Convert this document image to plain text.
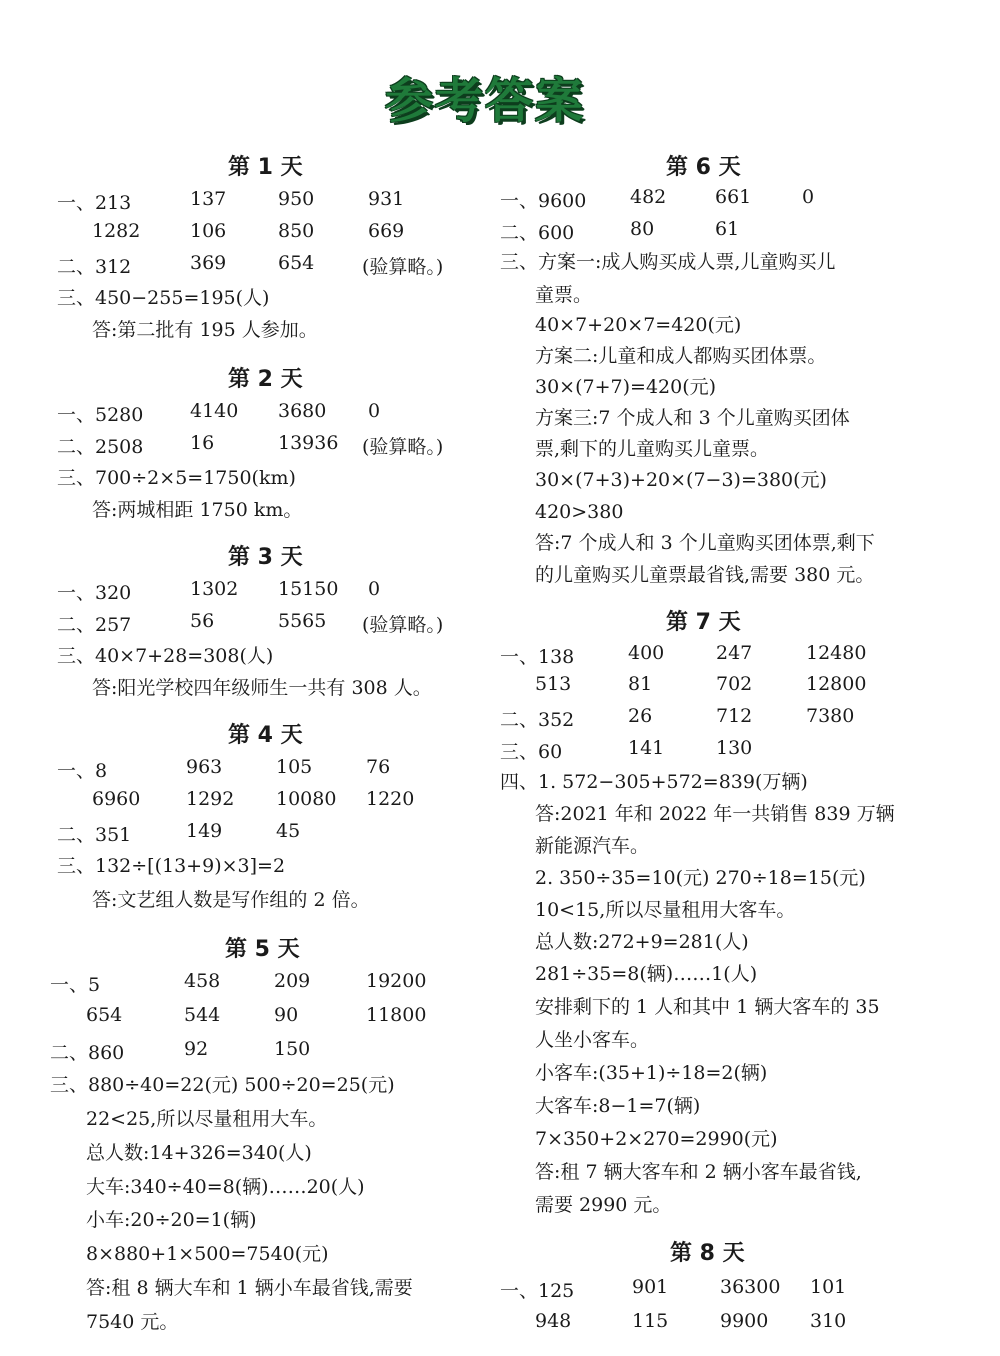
参考答案
第 1 天
一、213	137	950	931
1282	106	850	669
二、312	369	654	(验算略。)
三、450−255=195(人)
答:第二批有 195 人参加。
第 2 天
一、5280 4140 3680 0
二、2508 16	13936 (验算略。)
三、700÷2×5=1750(km)
答:两城相距 1750 km。
第 3 天
一、320	1302 15150 0
二、257	56	5565 (验算略。)
三、40×7+28=308(人)
答:阳光学校四年级师生一共有 308 人。
第 4 天
一、8	963	105	76
6960 1292 10080 1220
二、351	149	45
三、132÷[(13+9)×3]=2
答:文艺组人数是写作组的 2 倍。
第 5 天
一、5	458	209	19200
654	544	90	11800
二、860	92	150
三、880÷40=22(元) 500÷20=25(元)
22<25,所以尽量租用大车。
总人数:14+326=340(人)
大车:340÷40=8(辆)……20(人)
小车:20÷20=1(辆)
8×880+1×500=7540(元)
答:租 8 辆大车和 1 辆小车最省钱,需要
7540 元。
第 6 天
一、9600 482	661	0
二、600	80	61
三、方案一:成人购买成人票,儿童购买儿
童票。
40×7+20×7=420(元)
方案二:儿童和成人都购买团体票。
30×(7+7)=420(元)
方案三:7 个成人和 3 个儿童购买团体
票,剩下的儿童购买儿童票。
30×(7+3)+20×(7−3)=380(元)
420>380
答:7 个成人和 3 个儿童购买团体票,剩下
的儿童购买儿童票最省钱,需要 380 元。
第 7 天
一、138	400	247	12480
513	81	702	12800
二、352	26	712	7380
三、60	141	130
四、1. 572−305+572=839(万辆)
答:2021 年和 2022 年一共销售 839 万辆
新能源汽车。
2. 350÷35=10(元) 270÷18=15(元)
10<15,所以尽量租用大客车。
总人数:272+9=281(人)
281÷35=8(辆)……1(人)
安排剩下的 1 人和其中 1 辆大客车的 35
人坐小客车。
小客车:(35+1)÷18=2(辆)
大客车:8−1=7(辆)
7×350+2×270=2990(元)
答:租 7 辆大客车和 2 辆小客车最省钱,
需要 2990 元。
第 8 天
一、125	901	36300 101
948	115	9900 310
